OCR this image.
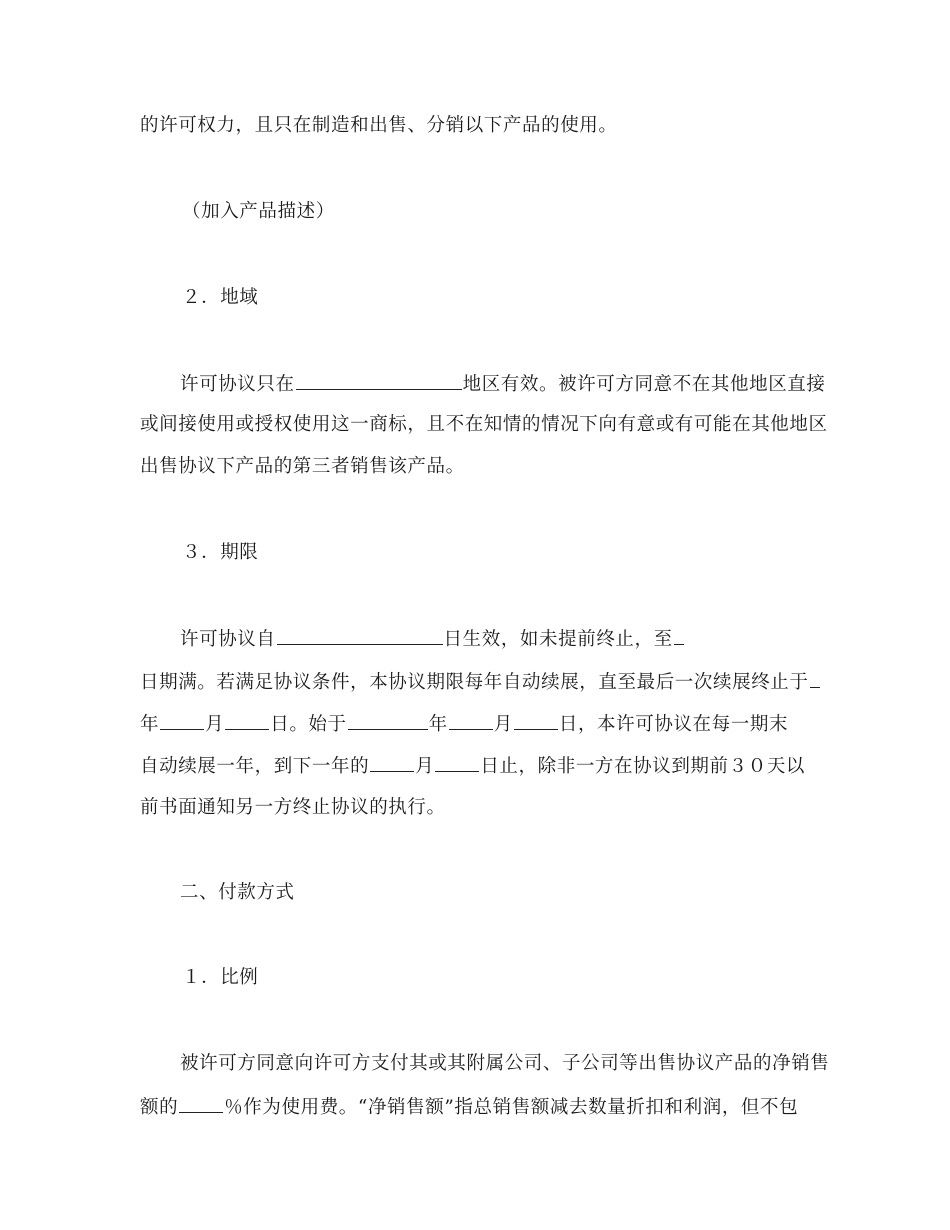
的许可权力，且只在制造和出售、分销以下产品的使用。
（加入产品描述）
２．地域
许可协议只在	地区有效。被许可方同意不在其他地区直接
或间接使用或授权使用这一商标，且不在知情的情况下向有意或有可能在其他地区
出售协议下产品的第三者销售该产品。
３．期限
许可协议自	日生效，如未提前终止，至
日期满。若满足协议条件，本协议期限每年自动续展，直至最后一次续展终止于
年 月 日。始于	年 月 日，本许可协议在每一期末
自动续展一年，到下一年的 月 日止，除非一方在协议到期前３０天以
前书面通知另一方终止协议的执行。
二、付款方式
１．比例
被许可方同意向许可方支付其或其附属公司、子公司等出售协议产品的净销售
额的 ％作为使用费。“净销售额”指总销售额减去数量折扣和利润，但不包
